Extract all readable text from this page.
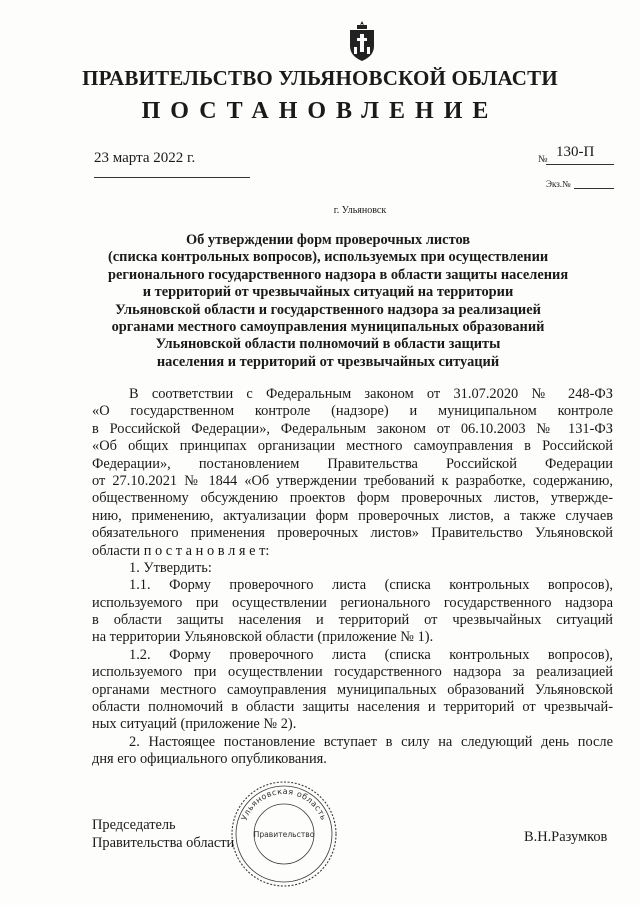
ПРАВИТЕЛЬСТВО УЛЬЯНОВСКОЙ ОБЛАСТИ
ПОСТАНОВЛЕНИЕ
23 марта 2022 г.	№ 130-П
Экз.№
г. Ульяновск
Об утверждении форм проверочных листов
(списка контрольных вопросов), используемых при осуществлении
регионального государственного надзора в области защиты населения
и территорий от чрезвычайных ситуаций на территории
Ульяновской области и государственного надзора за реализацией
органами местного самоуправления муниципальных образований
Ульяновской области полномочий в области защиты
населения и территорий от чрезвычайных ситуаций
В соответствии с Федеральным законом от 31.07.2020 № 248-ФЗ
«О государственном контроле (надзоре) и муниципальном контроле
в Российской Федерации», Федеральным законом от 06.10.2003 № 131-ФЗ
«Об общих принципах организации местного самоуправления в Российской
Федерации», постановлением Правительства Российской Федерации
от 27.10.2021 № 1844 «Об утверждении требований к разработке, содержанию,
общественному обсуждению проектов форм проверочных листов, утвержде-
нию, применению, актуализации форм проверочных листов, а также случаев
обязательного применения проверочных листов» Правительство Ульяновской
области п о с т а н о в л я е т:
1. Утвердить:
1.1. Форму проверочного листа (списка контрольных вопросов),
используемого при осуществлении регионального государственного надзора
в области защиты населения и территорий от чрезвычайных ситуаций
на территории Ульяновской области (приложение № 1).
1.2. Форму проверочного листа (списка контрольных вопросов),
используемого при осуществлении государственного надзора за реализацией
органами местного самоуправления муниципальных образований Ульяновской
области полномочий в области защиты населения и территорий от чрезвычай-
ных ситуаций (приложение № 2).
2. Настоящее постановление вступает в силу на следующий день после
дня его официального опубликования.
Ульяновская область
Правительство
Председатель
Правительства области	В.Н.Разумков
